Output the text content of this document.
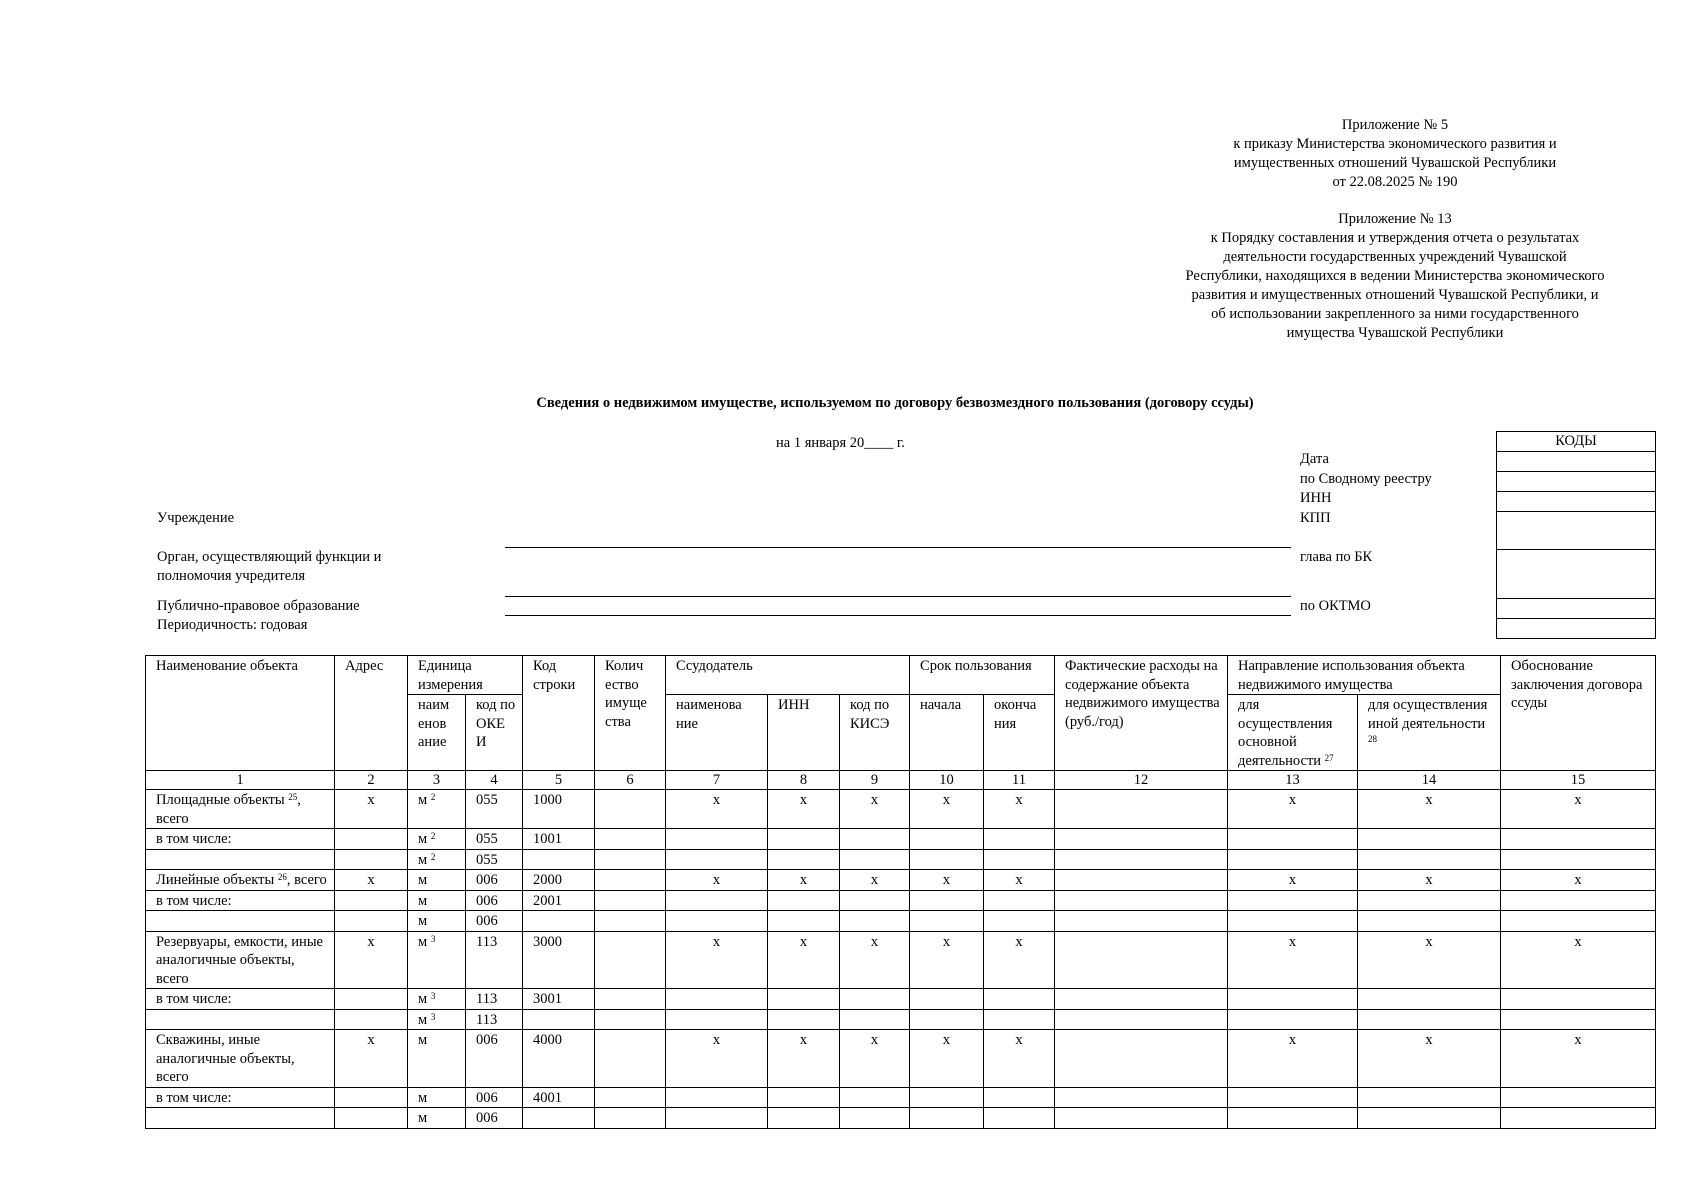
Приложение № 5
к приказу Министерства экономического развития и
имущественных отношений Чувашской Республики
от 22.08.2025 № 190
Приложение № 13
к Порядку составления и утверждения отчета о результатах
деятельности государственных учреждений Чувашской
Республики, находящихся в ведении Министерства экономического
развития и имущественных отношений Чувашской Республики, и
об использовании закрепленного за ними государственного
имущества Чувашской Республики
Сведения о недвижимом имуществе, используемом по договору безвозмездного пользования (договору ссуды)
на 1 января 20____ г.
Дата
по Сводному реестру
ИНН
КПП
глава по БК
по ОКТМО
КОДЫ
Учреждение
Орган, осуществляющий функции и
полномочия учредителя
Публично-правовое образование
Периодичность: годовая
Наименование объекта	Адрес	Единица измерения		Код строки	Колич ество имуще ства	Ссудодатель			Срок пользования		Фактические расходы на содержание объекта недвижимого имущества (руб./год)	Направление использования объекта недвижимого имущества		Обоснование заключения договора ссуды
		наим енов ание	код по ОКЕ И			наименова ние	ИНН	код по КИСЭ	начала	оконча ния		для осуществления основной деятельности $^{27}$	для осуществления иной деятельности $^{28}$
1	2	3	4	5	6	7	8	9	10	11	12	13	14	15
Площадные объекты $^{25}$, всего	х	м $^2$	055	1000		х	х	х	х	х		х	х	х
в том числе:		м $^2$	055	1001										
		м $^2$	055											
Линейные объекты $^{26}$, всего	х	м	006	2000		х	х	х	х	х		х	х	х
в том числе:		м	006	2001										
		м	006											
Резервуары, емкости, иные аналогичные объекты, всего	х	м $^3$	113	3000		х	х	х	х	х		х	х	х
в том числе:		м $^3$	113	3001										
		м $^3$	113											
Скважины, иные аналогичные объекты, всего	х	м	006	4000		х	х	х	х	х		х	х	х
в том числе:		м	006	4001										
		м	006											
